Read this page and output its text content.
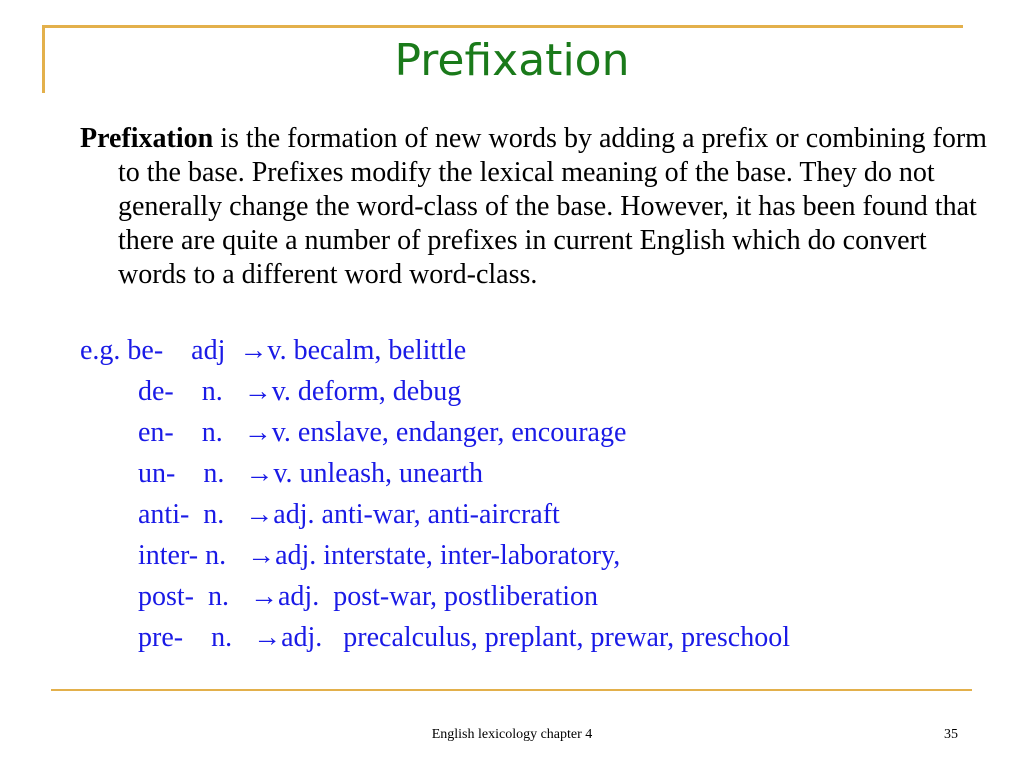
Prefixation
Prefixation is the formation of new words by adding a prefix or combining form to the base. Prefixes modify the lexical meaning of the base. They do not generally change the word-class of the base. However, it has been found that there are quite a number of prefixes in current English which do convert words to a different word word-class.
e.g. be-    adj  →v. becalm, belittle
de-    n.   →v. deform, debug
en-    n.   →v. enslave, endanger, encourage
un-    n.   →v. unleash, unearth
anti-  n.   →adj. anti-war, anti-aircraft
inter- n.   →adj. interstate, inter-laboratory,
post-  n.   →adj.  post-war, postliberation
pre-    n.   →adj.   precalculus, preplant, prewar, preschool
English lexicology chapter 4	35
